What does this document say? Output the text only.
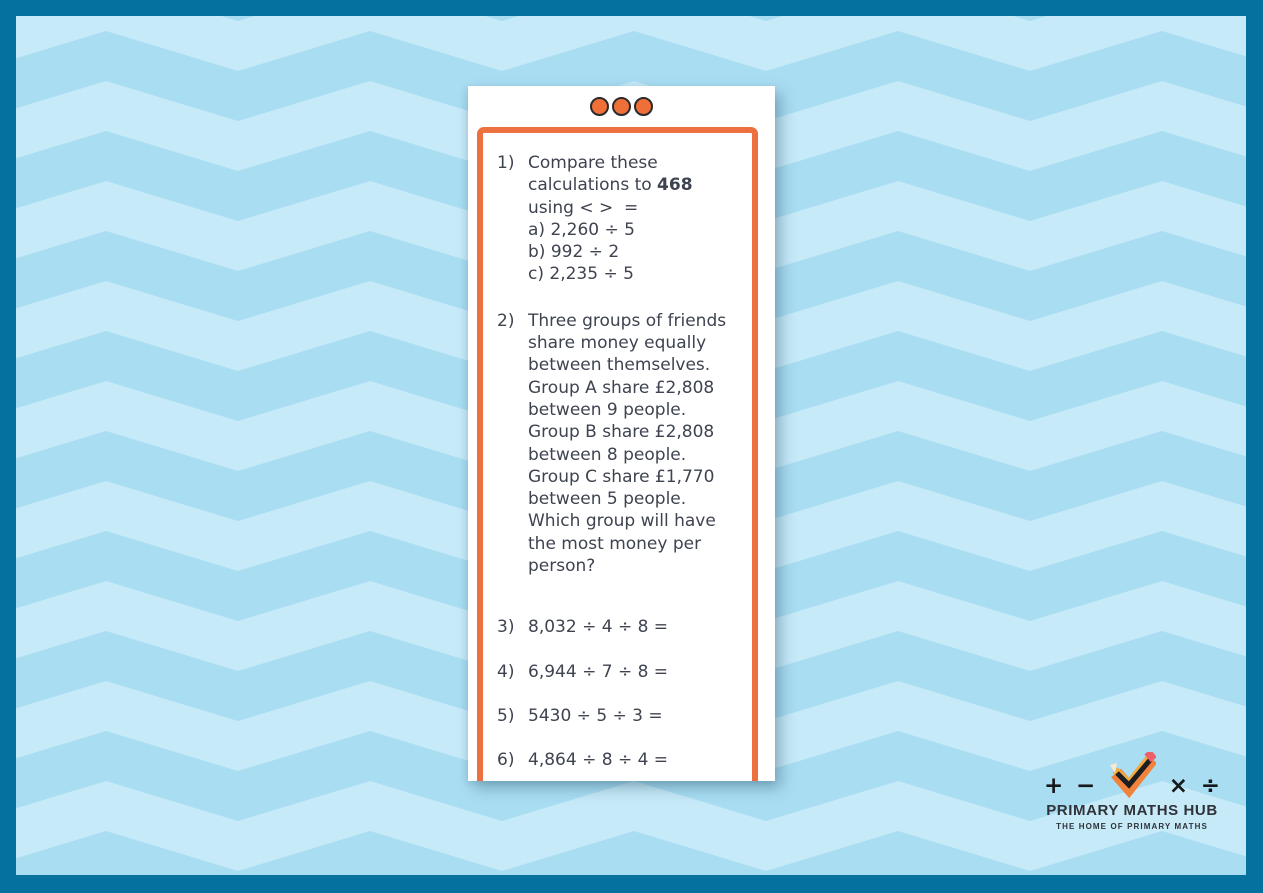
1) Compare these
calculations to 468
using < >  =
a) 2,260 ÷ 5
b) 992 ÷ 2
c) 2,235 ÷ 5
2) Three groups of friends
share money equally
between themselves.
Group A share £2,808
between 9 people.
Group B share £2,808
between 8 people.
Group C share £1,770
between 5 people.
Which group will have
the most money per
person?
3) 8,032 ÷ 4 ÷ 8 =
4) 6,944 ÷ 7 ÷ 8 =
5) 5430 ÷ 5 ÷ 3 =
6) 4,864 ÷ 8 ÷ 4 =
+ −	× ÷
PRIMARY MATHS HUB
THE HOME OF PRIMARY MATHS
